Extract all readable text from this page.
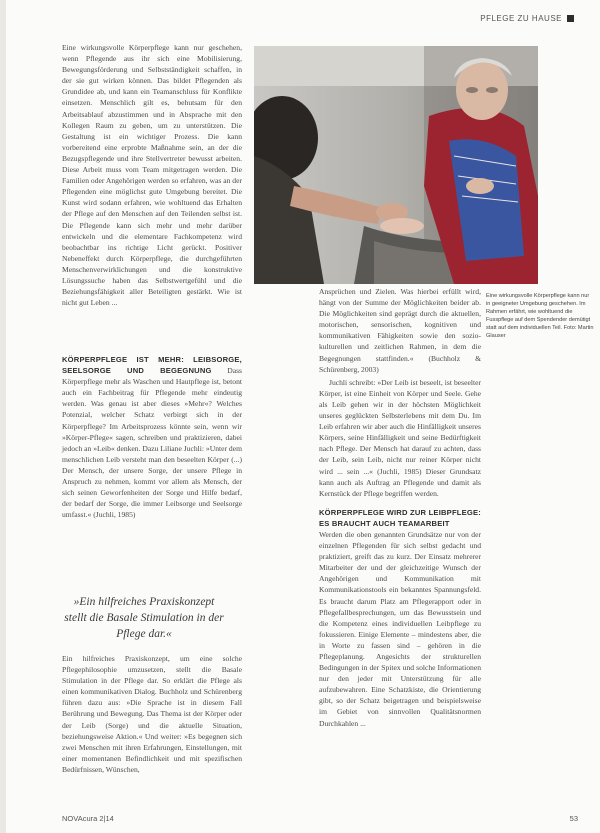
PFLEGE ZU HAUSE

Eine wirkungsvolle Körperpflege kann nur geschehen, wenn Pflegende aus ihr sich eine Mobilisierung, Bewegungsförderung und Selbstständigkeit schaffen, in der sie gut wirken können. Das bildet Pflegenden als Grundidee ab, und kann ein Teamanschluss für Konflikte einsetzen. Menschlich gilt es, behutsam für den Arbeitsablauf abzustimmen und in Absprache mit den Kollegen Raum zu geben, um zu unterstützen. Die Gestaltung ist ein wichtiger Prozess. Die kann vorbereitend eine erprobte Maßnahme sein, an der die Bezugspflegende und ihre Stellvertreter bewusst arbeiten. Diese Arbeit muss vom Team mitgetragen werden. Die Familien oder Angehörigen werden so erfahren, was an der Pflegenden eine möglichst gute Umgebung bereitet. Die Kunst wird sodann erfahren, wie wohltuend das Erhalten der Pflege auf den Menschen auf den Teilenden selbst ist. Die Pflegende kann sich mehr und mehr darüber entwickeln und die elementare Fachkompetenz wird beobachtbar ins richtige Licht gerückt. Positiver Nebeneffekt durch Körperpflege, die durchgeführten Menschenverwirklichungen und die konstruktive Lösungssuche haben das Selbstwertgefühl und die Beziehungsfähigkeit aller Beteiligten gestärkt. Wie ist nicht gut Leben ...

KÖRPERPFLEGE IST MEHR: LEIBSORGE, SEELSORGE UND BEGEGNUNG Dass Körperpflege mehr als Waschen und Hautpflege ist, betont auch ein Fachbeitrag für Pflegende mehr eindeutig werden. Was genau ist aber dieses »Mehr«? Welches Potenzial, welcher Schatz verbirgt sich in der Körperpflege? Im Arbeitsprozess könnte sein, wenn wir »Körper-Pflege« sagen, schreiben und praktizieren, dabei jedoch an »Leib« denken. Dazu Liliane Juchli: »Unter dem menschlichen Leib versteht man den beseelten Körper (...) Der Mensch, der unsere Sorge, der unsere Pflege in Anspruch zu nehmen, kommt vor allem als Mensch, der sich seinen Geworfenheiten der Sorge und Hilfe bedarf, der bedarf der Sorge, die immer Leibsorge und Seelsorge umfasst.« (Juchli, 1985)

»Ein hilfreiches Praxiskonzept stellt die Basale Stimulation in der Pflege dar.«

Ein hilfreiches Praxiskonzept, um eine solche Pflegephilosophie umzusetzen, stellt die Basale Stimulation in der Pflege dar. So erklärt die Pflege als einen kommunikativen Dialog. Buchholz und Schürenberg führen dazu aus: »Die Sprache ist in diesem Fall Berührung und Bewegung. Das Thema ist der Körper oder der Leib (Sorge) und die aktuelle Situation, beziehungsweise Aktion.« Und weiter: »Es begegnen sich zwei Menschen mit ihren Erfahrungen, Einstellungen, mit einer momentanen Befindlichkeit und mit spezifischen Bedürfnissen, Wünschen,

Eine wirkungsvolle Körperpflege kann nur in geeigneter Umgebung geschehen. Im Rahmen erfährt, wie wohltuend die Fusspflege auf dem Spendender demütigt statt auf dem individuellen Teil. Foto: Martin Glauser

Ansprüchen und Zielen. Was hierbei erfüllt wird, hängt von der Summe der Möglichkeiten beider ab. Die Möglichkeiten sind geprägt durch die aktuellen, motorischen, sensorischen, kognitiven und kommunikativen Fähigkeiten sowie den sozio-kulturellen und zeitlichen Rahmen, in dem die Begegnungen stattfinden.« (Buchholz & Schürenberg, 2003)

Juchli schreibt: »Der Leib ist beseelt, ist beseelter Körper, ist eine Einheit von Körper und Seele. Gehe als Leib gehen wir in der höchsten Möglichkeit unseres geglückten Selbsterlebens mit dem Du. Im Leib erfahren wir aber auch die Hinfälligkeit unseres Körpers, seine Hinfälligkeit und seine Bedürftigkeit nach Pflege. Der Mensch hat darauf zu achten, dass der Leib, sein Leib, nicht nur reiner Körper nicht wird ... sein ...« (Juchli, 1985) Dieser Grundsatz kann auch als Auftrag an Pflegende und damit als Kernstück der Pflege begriffen werden.

KÖRPERPFLEGE WIRD ZUR LEIBPFLEGE: ES BRAUCHT AUCH TEAMARBEIT

Werden die oben genannten Grundsätze nur von der einzelnen Pflegenden für sich selbst gedacht und praktiziert, greift das zu kurz. Der Einsatz mehrerer Mitarbeiter der und der gleichzeitige Wunsch der Angehörigen und Kommunikation mit Kommunikationstools ein bekanntes Spannungsfeld. Es braucht darum Platz am Pflegerapport oder in Pflegefallbesprechungen, um das Bewusstsein und die Kompetenz eines individuellen Leibpflege zu fokussieren. Einige Elemente – mindestens aber, die in Worte zu fassen sind – gehören in die Pflegeplanung. Angesichts der strukturellen Bedingungen in der Spitex und solche Informationen nur den jeder mit Unterstützung für alle aufzubewahren. Eine Schatzkiste, die Orientierung gibt, so der Schatz beigetragen und beispielsweise im Gebiet von sinnvollen Qualitätsnormen Durchkahlen ...

NOVAcura 2|14	53
